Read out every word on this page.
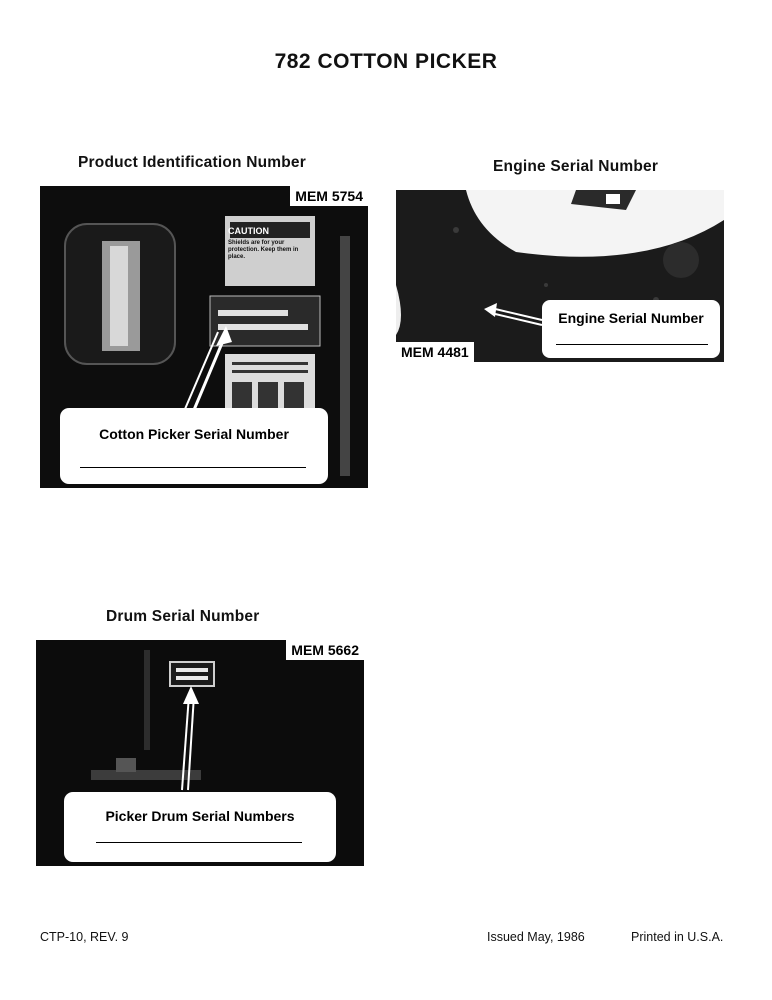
782 COTTON PICKER
Product Identification Number
CAUTION
Shields are for your protection. Keep them in place.
MEM 5754
Cotton Picker Serial Number
Engine Serial Number
Engine Serial Number
MEM 4481
Drum Serial Number
MEM 5662
Picker Drum Serial Numbers
CTP-10, REV. 9	Issued May, 1986	Printed in U.S.A.
